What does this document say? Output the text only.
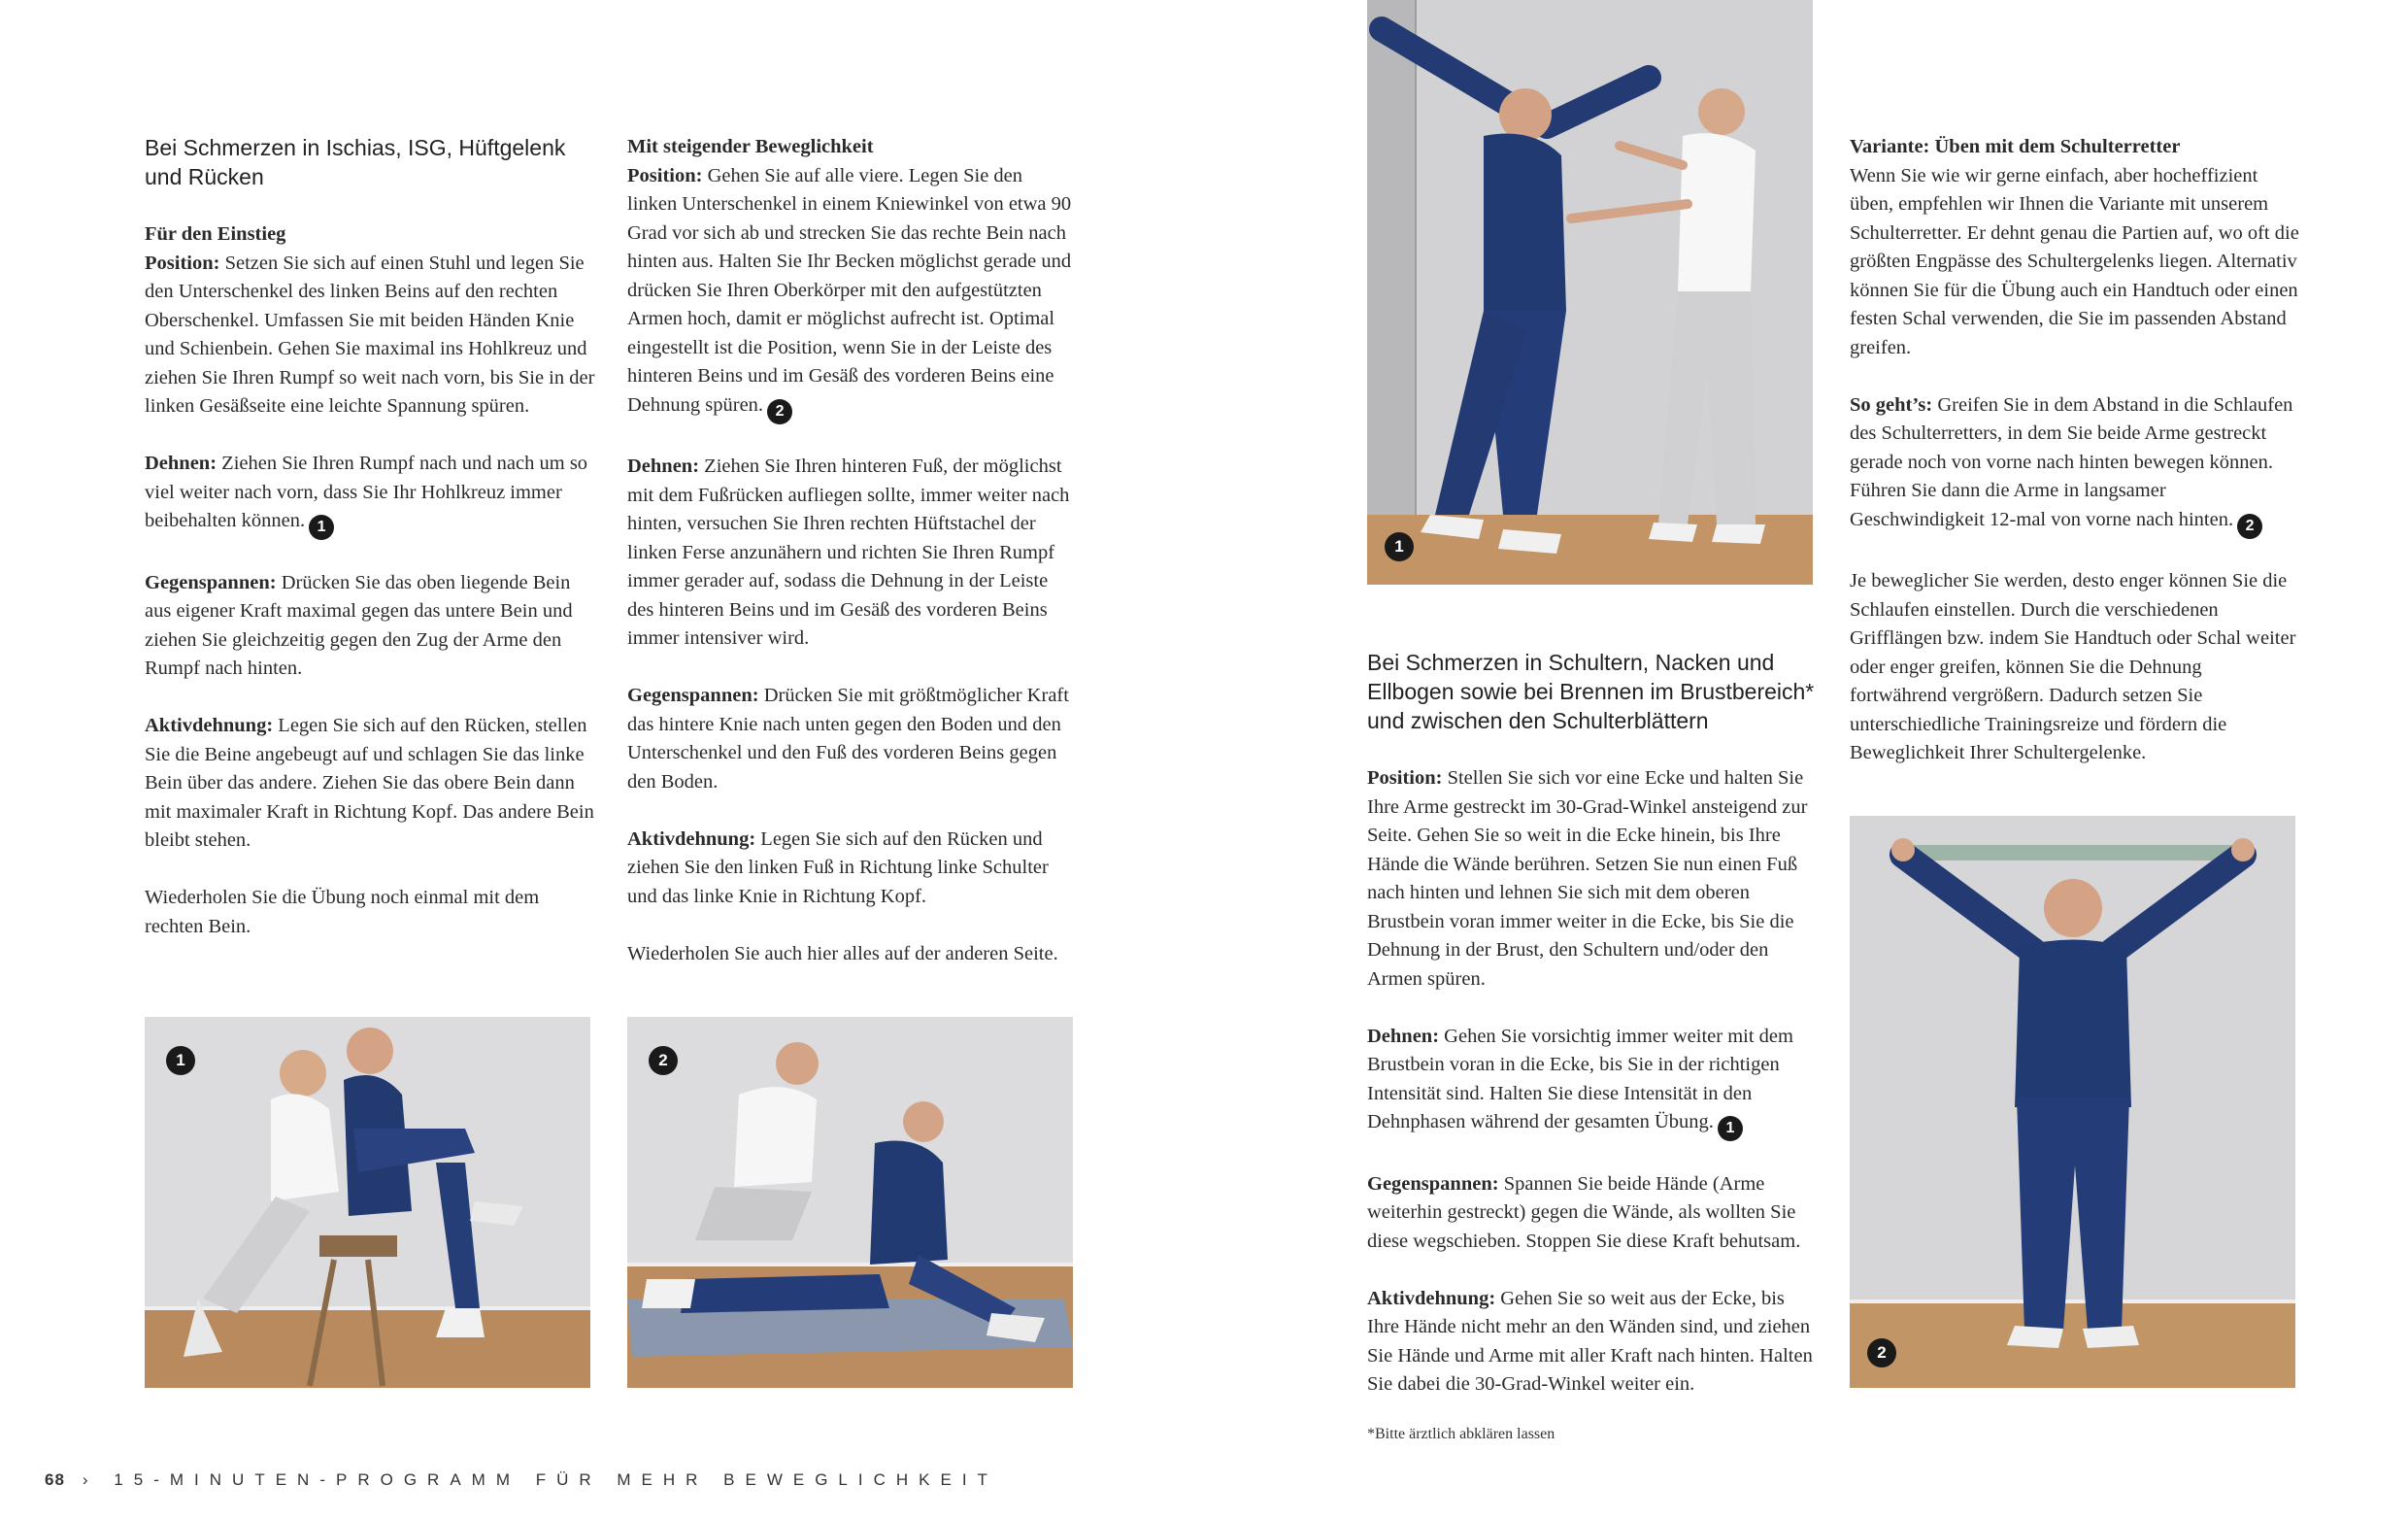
Bei Schmerzen in Ischias, ISG, Hüftgelenk und Rücken
Für den Einstieg

Position: Setzen Sie sich auf einen Stuhl und legen Sie den Unterschenkel des linken Beins auf den rechten Oberschenkel. Umfassen Sie mit beiden Händen Knie und Schienbein. Gehen Sie maximal ins Hohlkreuz und ziehen Sie Ihren Rumpf so weit nach vorn, bis Sie in der linken Gesäßseite eine leichte Spannung spüren.

Dehnen: Ziehen Sie Ihren Rumpf nach und nach um so viel weiter nach vorn, dass Sie Ihr Hohlkreuz immer beibehalten können. 1

Gegenspannen: Drücken Sie das oben liegende Bein aus eigener Kraft maximal gegen das untere Bein und ziehen Sie gleichzeitig gegen den Zug der Arme den Rumpf nach hinten.

Aktivdehnung: Legen Sie sich auf den Rücken, stellen Sie die Beine angebeugt auf und schlagen Sie das linke Bein über das andere. Ziehen Sie das obere Bein dann mit maximaler Kraft in Richtung Kopf. Das andere Bein bleibt stehen.

Wiederholen Sie die Übung noch einmal mit dem rechten Bein.

Mit steigender Beweglichkeit

Position: Gehen Sie auf alle viere. Legen Sie den linken Unterschenkel in einem Kniewinkel von etwa 90 Grad vor sich ab und strecken Sie das rechte Bein nach hinten aus. Halten Sie Ihr Becken möglichst gerade und drücken Sie Ihren Oberkörper mit den aufgestützten Armen hoch, damit er möglichst aufrecht ist. Optimal eingestellt ist die Position, wenn Sie in der Leiste des hinteren Beins und im Gesäß des vorderen Beins eine Dehnung spüren. 2

Dehnen: Ziehen Sie Ihren hinteren Fuß, der möglichst mit dem Fußrücken aufliegen sollte, immer weiter nach hinten, versuchen Sie Ihren rechten Hüftstachel der linken Ferse anzunähern und richten Sie Ihren Rumpf immer gerader auf, sodass die Dehnung in der Leiste des hinteren Beins und im Gesäß des vorderen Beins immer intensiver wird.

Gegenspannen: Drücken Sie mit größtmöglicher Kraft das hintere Knie nach unten gegen den Boden und den Unterschenkel und den Fuß des vorderen Beins gegen den Boden.

Aktivdehnung: Legen Sie sich auf den Rücken und ziehen Sie den linken Fuß in Richtung linke Schulter und das linke Knie in Richtung Kopf.

Wiederholen Sie auch hier alles auf der anderen Seite.

1	2
1
Bei Schmerzen in Schultern, Nacken und Ellbogen sowie bei Brennen im Brustbereich* und zwischen den Schulterblättern

Position: Stellen Sie sich vor eine Ecke und halten Sie Ihre Arme gestreckt im 30-Grad-Winkel ansteigend zur Seite. Gehen Sie so weit in die Ecke hinein, bis Ihre Hände die Wände berühren. Setzen Sie nun einen Fuß nach hinten und lehnen Sie sich mit dem oberen Brustbein voran immer weiter in die Ecke, bis Sie die Dehnung in der Brust, den Schultern und/oder den Armen spüren.

Dehnen: Gehen Sie vorsichtig immer weiter mit dem Brustbein voran in die Ecke, bis Sie in der richtigen Intensität sind. Halten Sie diese Intensität in den Dehnphasen während der gesamten Übung. 1

Gegenspannen: Spannen Sie beide Hände (Arme weiterhin gestreckt) gegen die Wände, als wollten Sie diese wegschieben. Stoppen Sie diese Kraft behutsam.

Aktivdehnung: Gehen Sie so weit aus der Ecke, bis Ihre Hände nicht mehr an den Wänden sind, und ziehen Sie Hände und Arme mit aller Kraft nach hinten. Halten Sie dabei die 30-Grad-Winkel weiter ein.

Variante: Üben mit dem Schulterretter

Wenn Sie wie wir gerne einfach, aber hocheffizient üben, empfehlen wir Ihnen die Variante mit unserem Schulterretter. Er dehnt genau die Partien auf, wo oft die größten Engpässe des Schultergelenks liegen. Alternativ können Sie für die Übung auch ein Handtuch oder einen festen Schal verwenden, die Sie im passenden Abstand greifen.

So geht’s: Greifen Sie in dem Abstand in die Schlaufen des Schulterretters, in dem Sie beide Arme gestreckt gerade noch von vorne nach hinten bewegen können. Führen Sie dann die Arme in langsamer Geschwindigkeit 12-mal von vorne nach hinten. 2

Je beweglicher Sie werden, desto enger können Sie die Schlaufen einstellen. Durch die verschiedenen Grifflängen bzw. indem Sie Handtuch oder Schal weiter oder enger greifen, können Sie die Dehnung fortwährend vergrößern. Dadurch setzen Sie unterschiedliche Trainingsreize und fördern die Beweglichkeit Ihrer Schultergelenke.

2
*Bitte ärztlich abklären lassen
68 › 15-MINUTEN-PROGRAMM FÜR MEHR BEWEGLICHKEIT
